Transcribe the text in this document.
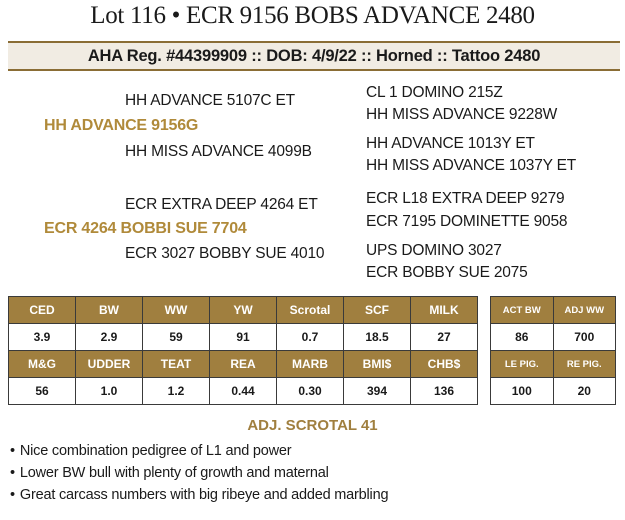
Lot 116 • ECR 9156 BOBS ADVANCE 2480
AHA Reg. #44399909 :: DOB: 4/9/22 :: Horned :: Tattoo 2480
HH ADVANCE 5107C ET
HH ADVANCE 9156G
HH MISS ADVANCE 4099B
CL 1 DOMINO 215Z
HH MISS ADVANCE 9228W
HH ADVANCE 1013Y ET
HH MISS ADVANCE 1037Y ET
ECR EXTRA DEEP 4264 ET
ECR 4264 BOBBI SUE 7704
ECR 3027 BOBBY SUE 4010
ECR L18 EXTRA DEEP 9279
ECR 7195 DOMINETTE 9058
UPS DOMINO 3027
ECR BOBBY SUE 2075
CED	BW	WW	YW	Scrotal	SCF	MILK
3.9	2.9	59	91	0.7	18.5	27
M&G	UDDER	TEAT	REA	MARB	BMI$	CHB$
56	1.0	1.2	0.44	0.30	394	136
ACT BW	ADJ WW
86	700
LE PIG.	RE PIG.
100	20
ADJ. SCROTAL 41
• Nice combination pedigree of L1 and power
• Lower BW bull with plenty of growth and maternal
• Great carcass numbers with big ribeye and added marbling
